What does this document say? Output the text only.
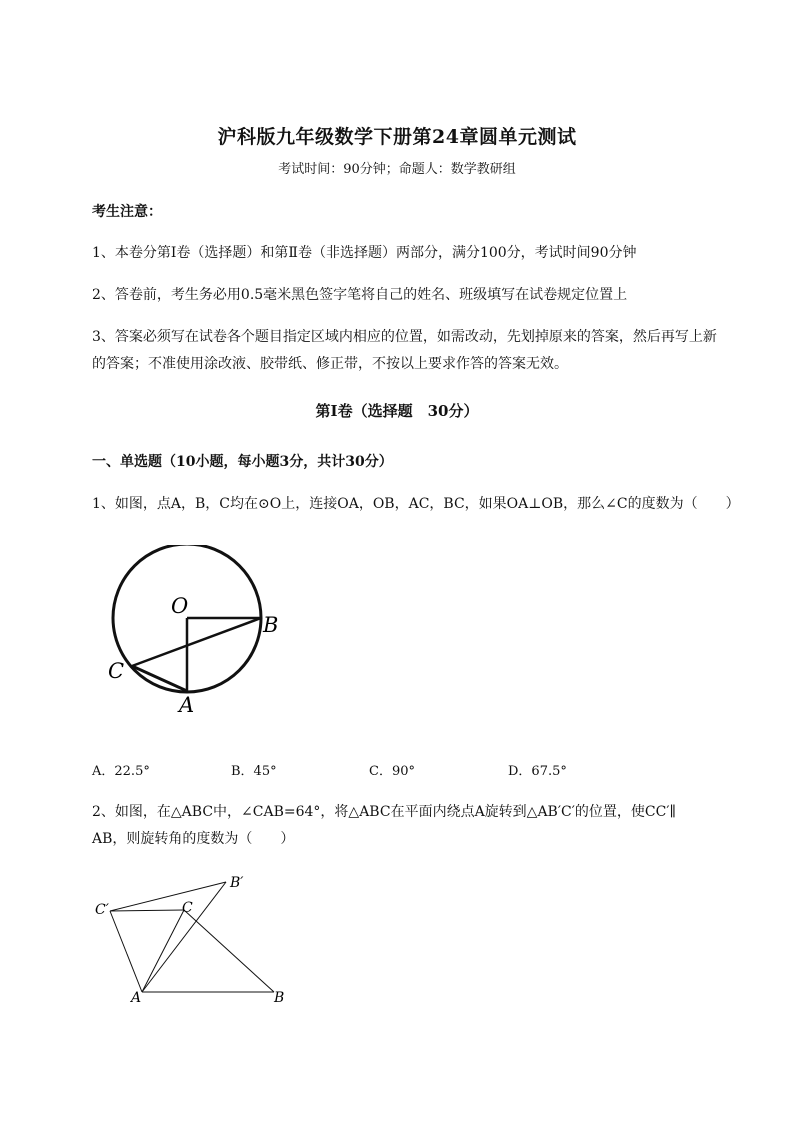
沪科版九年级数学下册第24章圆单元测试
考试时间：90分钟；命题人：数学教研组
考生注意：
1、本卷分第I卷（选择题）和第Ⅱ卷（非选择题）两部分，满分100分，考试时间90分钟
2、答卷前，考生务必用0.5毫米黑色签字笔将自己的姓名、班级填写在试卷规定位置上
3、答案必须写在试卷各个题目指定区域内相应的位置，如需改动，先划掉原来的答案，然后再写上新
的答案；不准使用涂改液、胶带纸、修正带，不按以上要求作答的答案无效。
第I卷（选择题　30分）
一、单选题（10小题，每小题3分，共计30分）
1、如图，点A，B，C均在⊙O上，连接OA，OB，AC，BC，如果OA⊥OB，那么∠C的度数为（　　）
O
B
C
A
A．22.5°	B．45°	C．90°	D．67.5°
2、如图，在△ABC中，∠CAB=64°，将△ABC在平面内绕点A旋转到△AB′C′的位置，使CC′∥
AB，则旋转角的度数为（　　）
C′	C
B′
A	B
